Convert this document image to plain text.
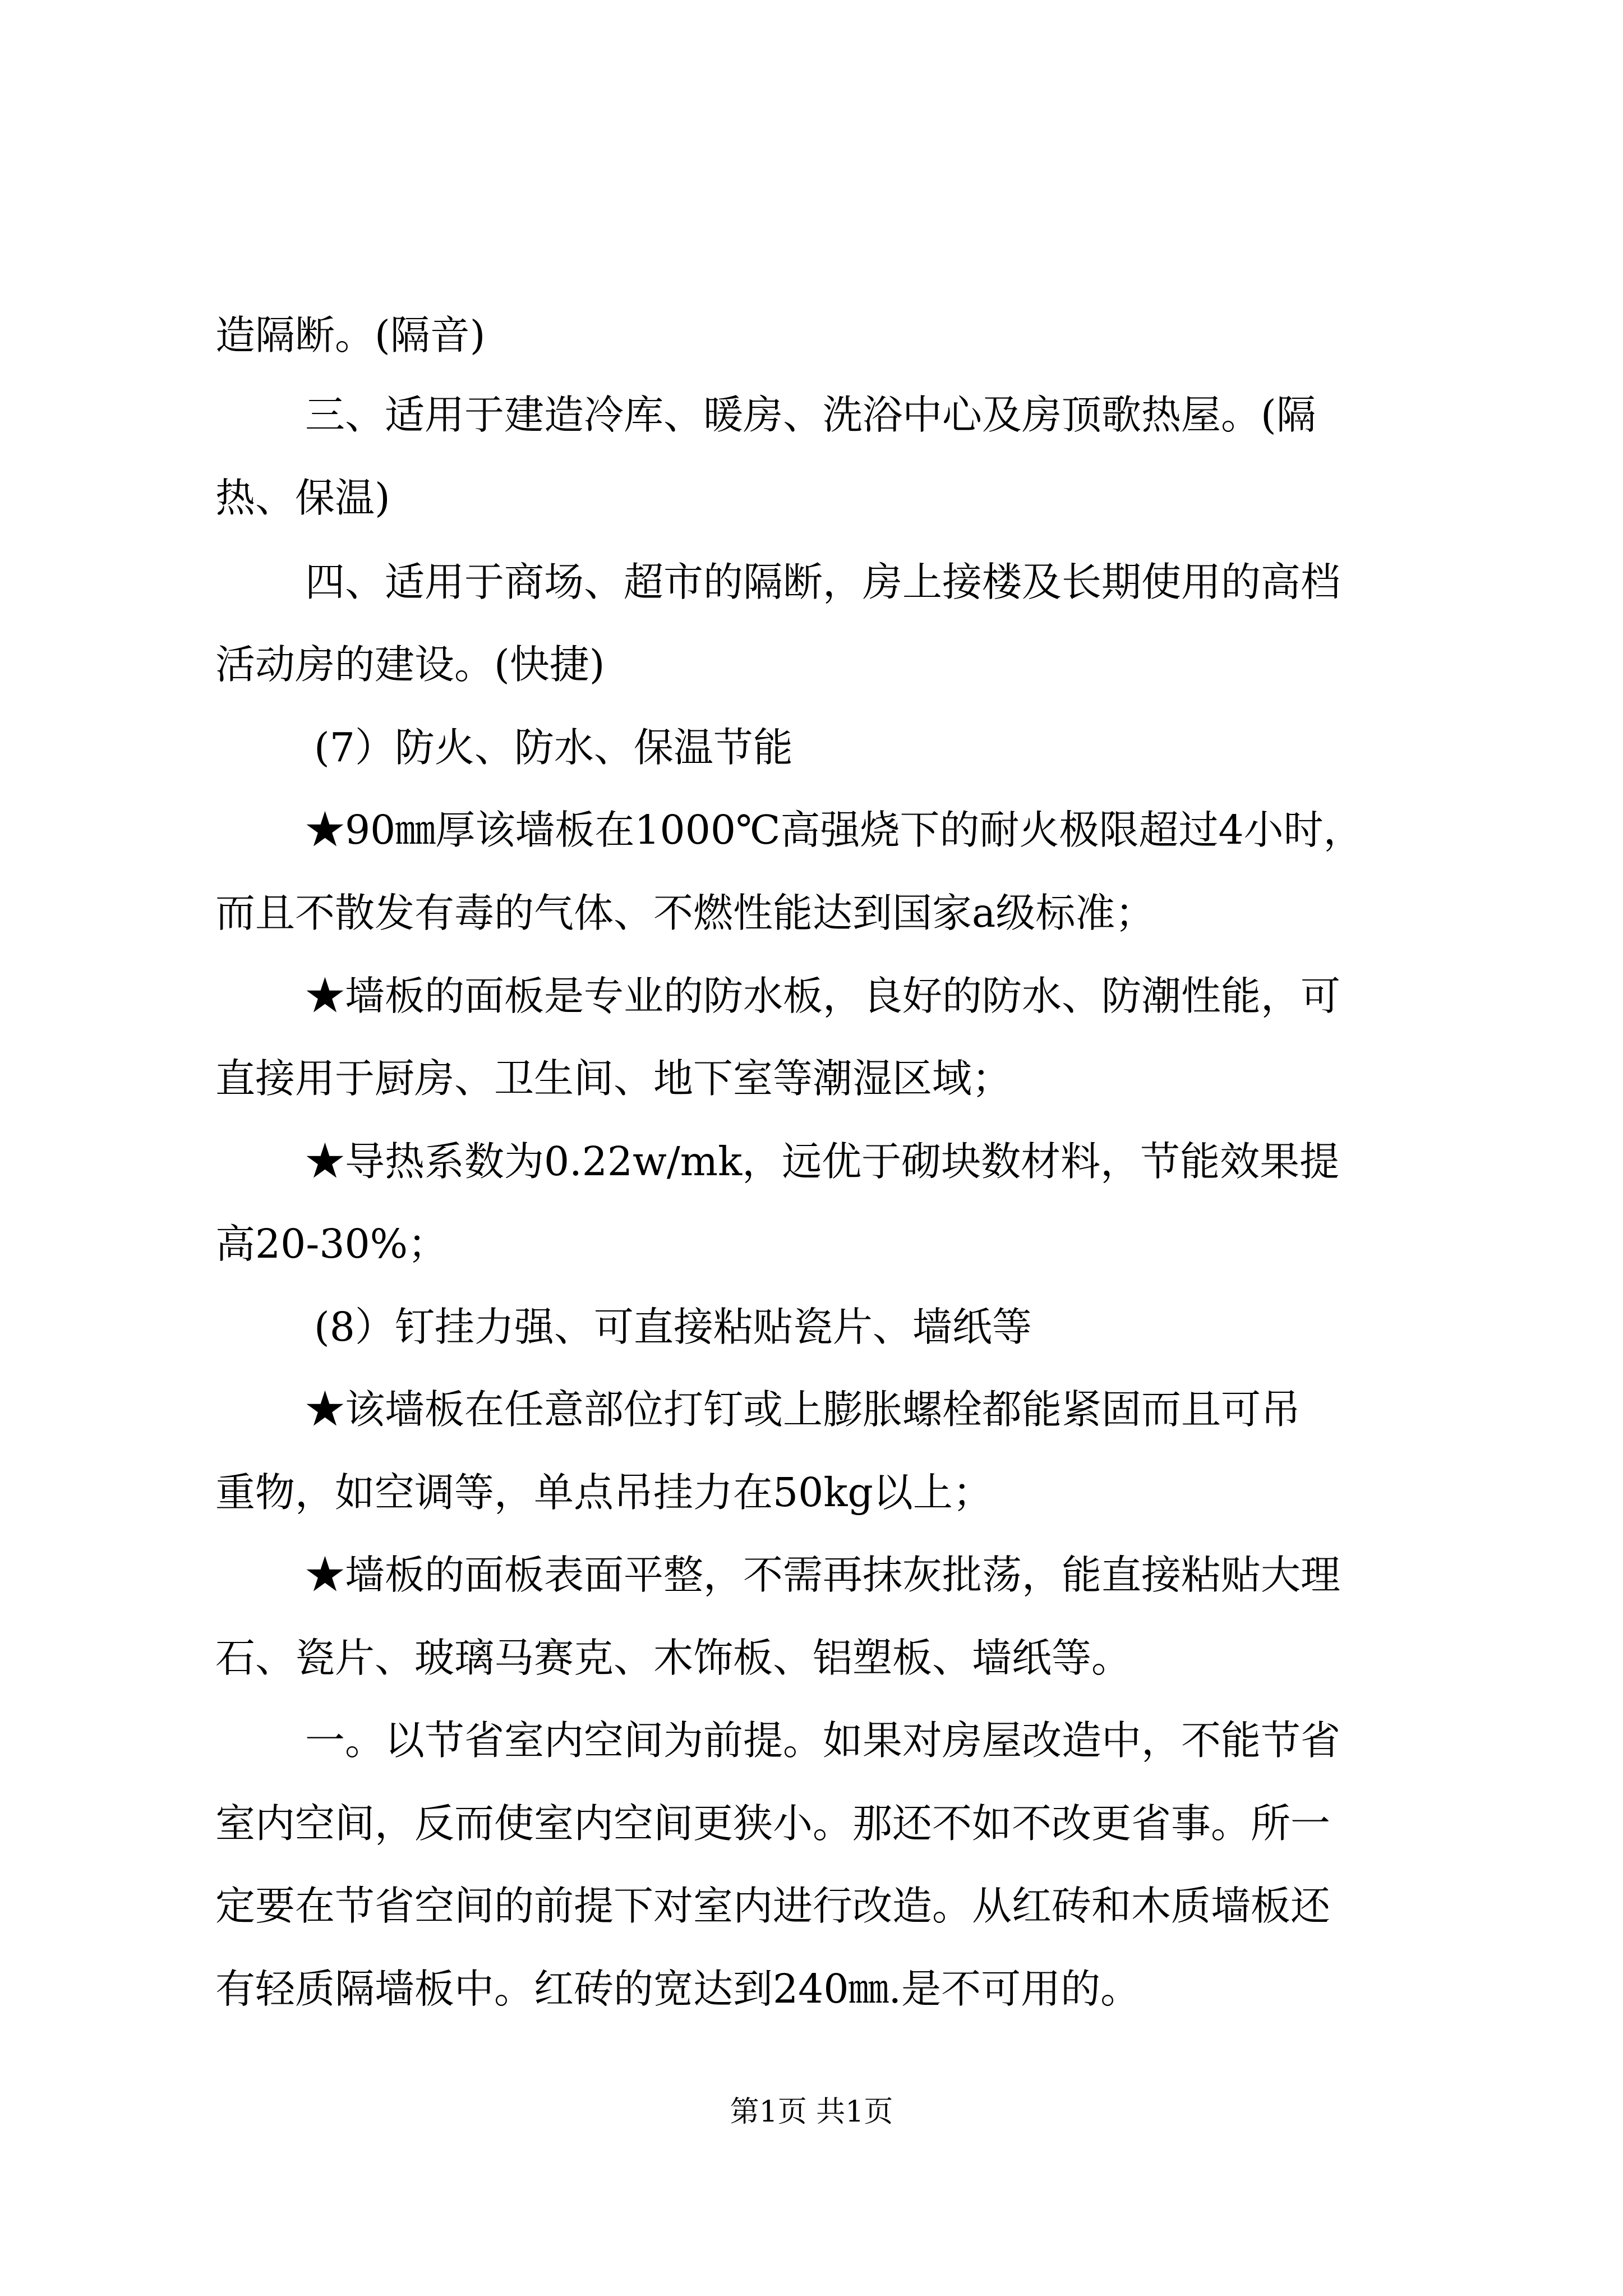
造隔断。(隔音)

三、适用于建造冷库、暖房、洗浴中心及房顶歌热屋。(隔

热、保温)

四、适用于商场、超市的隔断，房上接楼及长期使用的高档

活动房的建设。(快捷)

(7）防火、防水、保温节能

★90㎜厚该墙板在1000℃高强烧下的耐火极限超过4小时，

而且不散发有毒的气体、不燃性能达到国家a级标准；

★墙板的面板是专业的防水板，良好的防水、防潮性能，可

直接用于厨房、卫生间、地下室等潮湿区域；

★导热系数为0.22w/mk，远优于砌块数材料，节能效果提

高20-30%；

(8）钉挂力强、可直接粘贴瓷片、墙纸等

★该墙板在任意部位打钉或上膨胀螺栓都能紧固而且可吊

重物，如空调等，单点吊挂力在50kg以上；

★墙板的面板表面平整，不需再抹灰批荡，能直接粘贴大理

石、瓷片、玻璃马赛克、木饰板、铝塑板、墙纸等。

一。以节省室内空间为前提。如果对房屋改造中，不能节省

室内空间，反而使室内空间更狭小。那还不如不改更省事。所一

定要在节省空间的前提下对室内进行改造。从红砖和木质墙板还

有轻质隔墙板中。红砖的宽达到240㎜.是不可用的。

第1页 共1页
